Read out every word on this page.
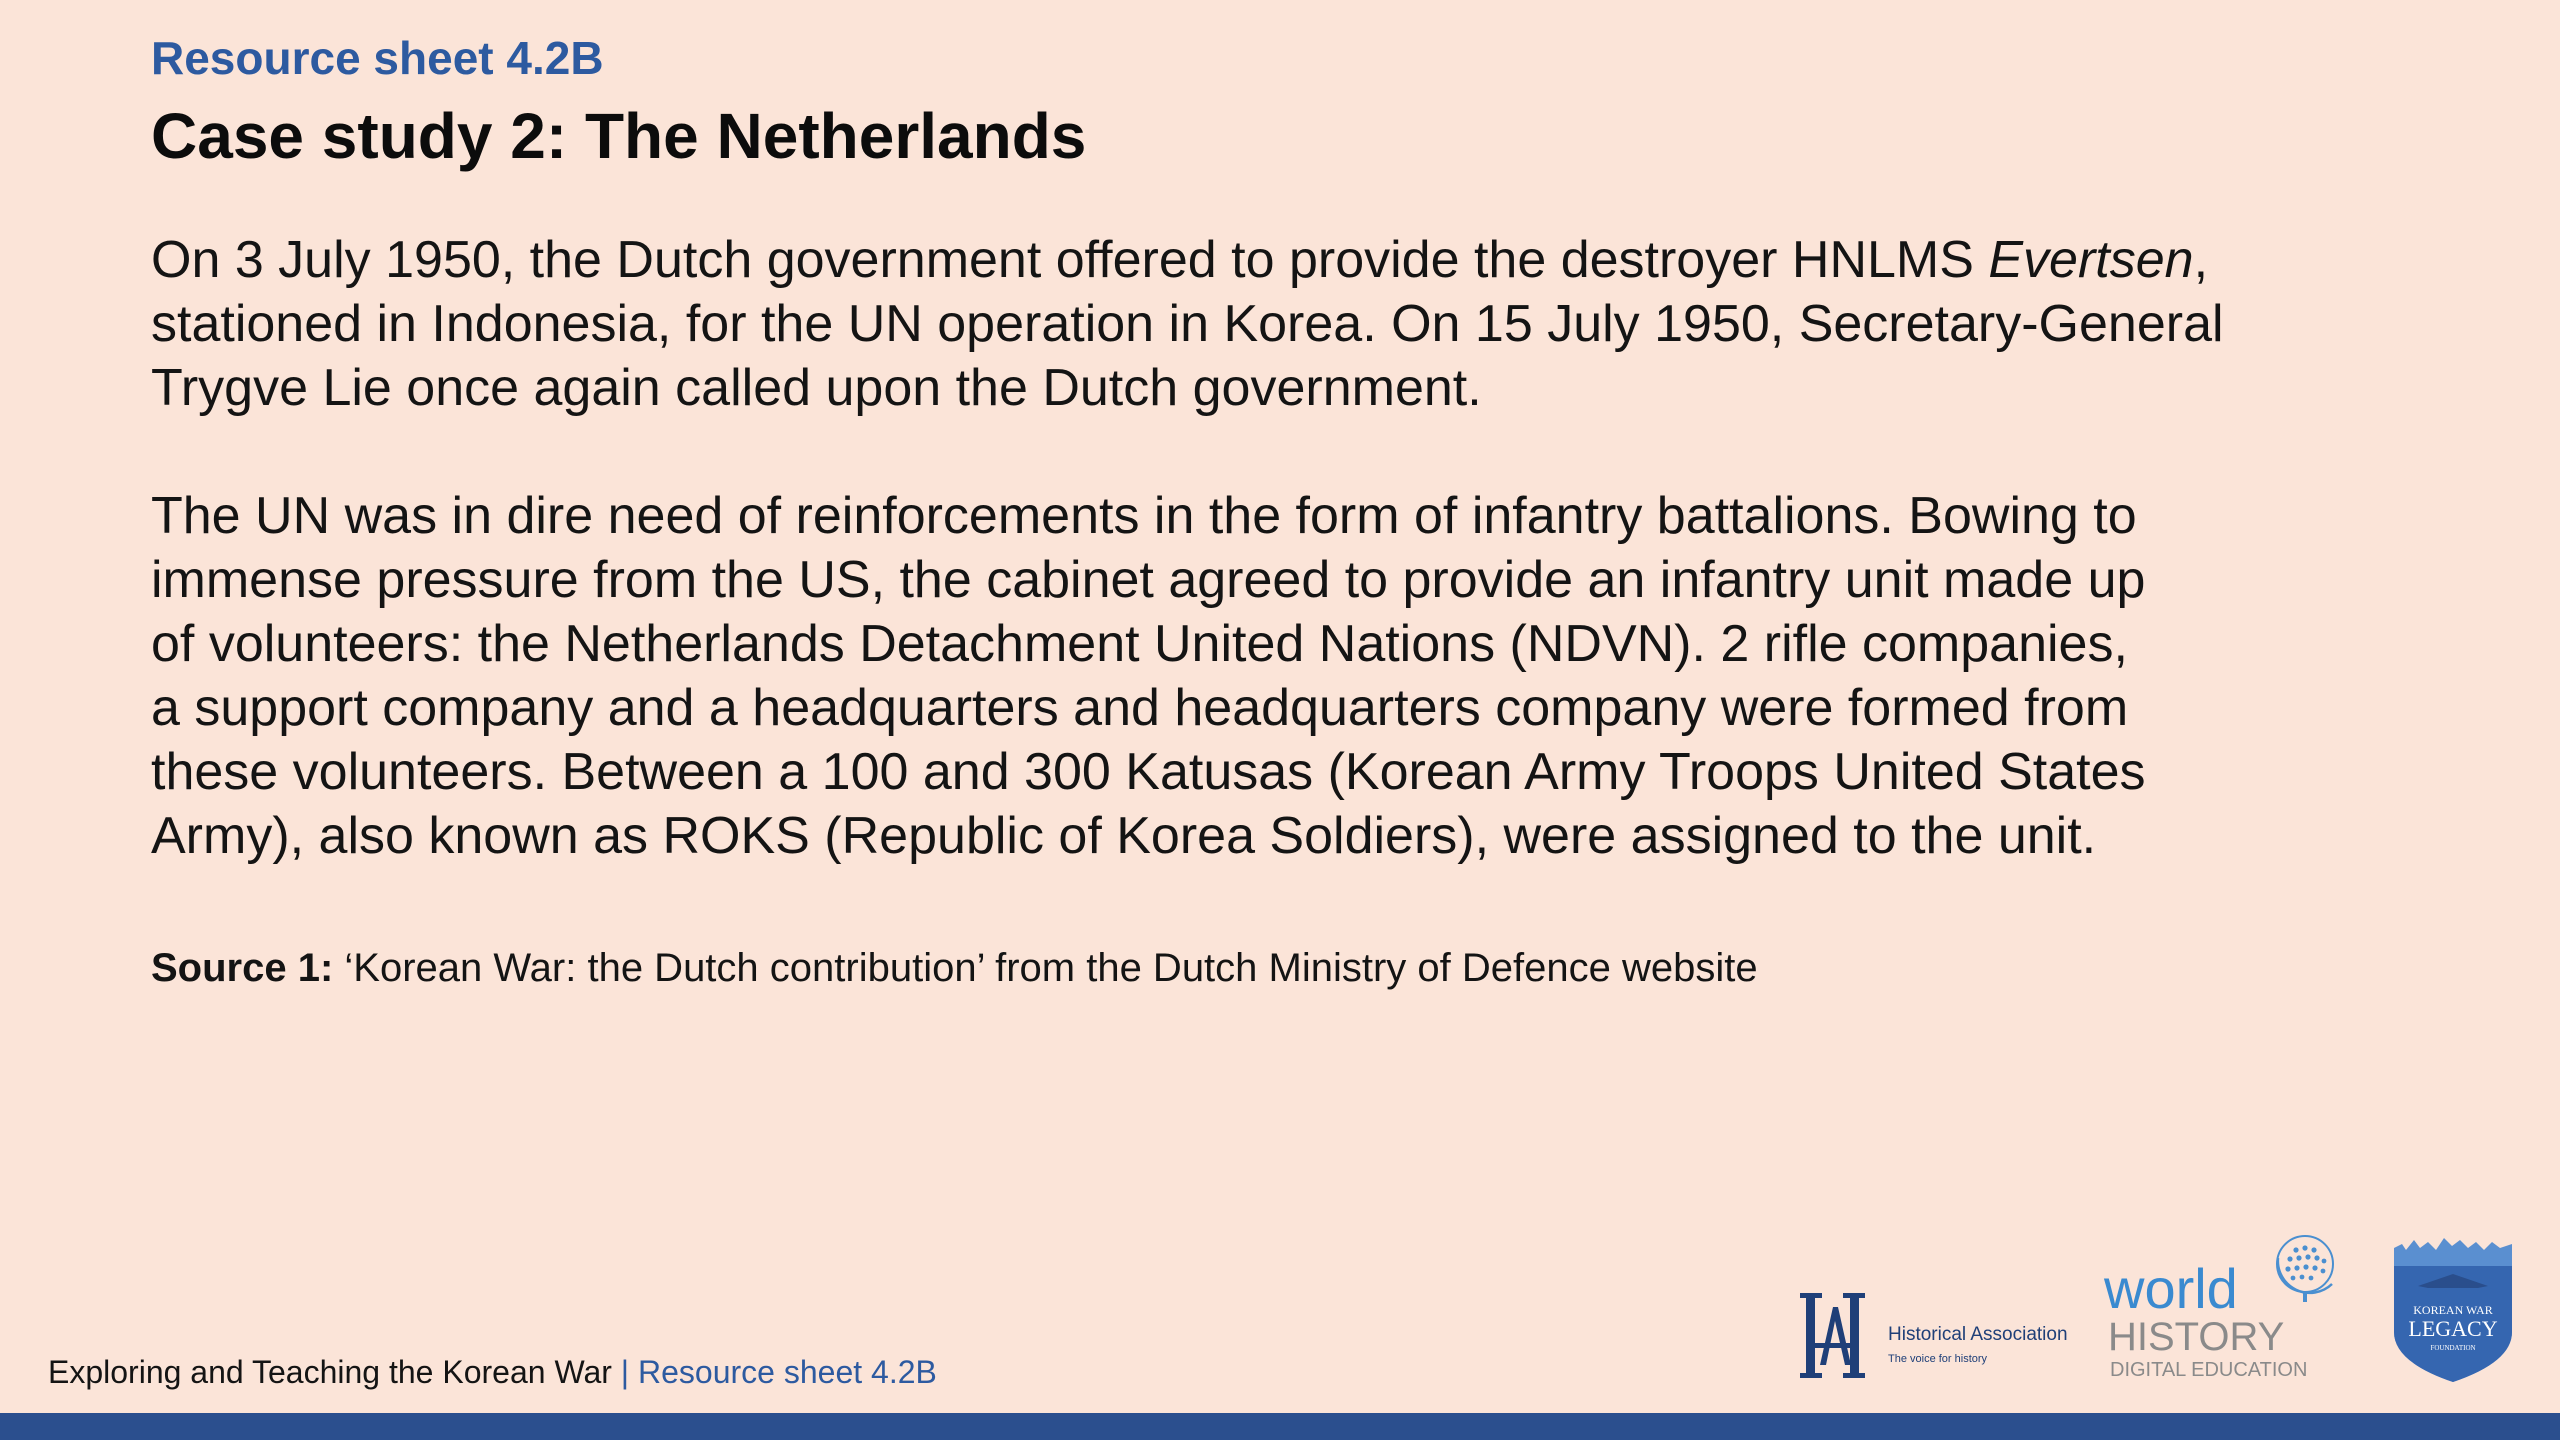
Resource sheet 4.2B
Case study 2: The Netherlands

On 3 July 1950, the Dutch government offered to provide the destroyer HNLMS Evertsen,
stationed in Indonesia, for the UN operation in Korea. On 15 July 1950, Secretary-General
Trygve Lie once again called upon the Dutch government.

The UN was in dire need of reinforcements in the form of infantry battalions. Bowing to
immense pressure from the US, the cabinet agreed to provide an infantry unit made up
of volunteers: the Netherlands Detachment United Nations (NDVN). 2 rifle companies,
a support company and a headquarters and headquarters company were formed from
these volunteers. Between a 100 and 300 Katusas (Korean Army Troops United States
Army), also known as ROKS (Republic of Korea Soldiers), were assigned to the unit.

Source 1: ‘Korean War: the Dutch contribution’ from the Dutch Ministry of Defence website
Exploring and Teaching the Korean War | Resource sheet 4.2B
Historical Association
The voice for history
world
HISTORY
DIGITAL EDUCATION
KOREAN WAR
LEGACY
FOUNDATION
